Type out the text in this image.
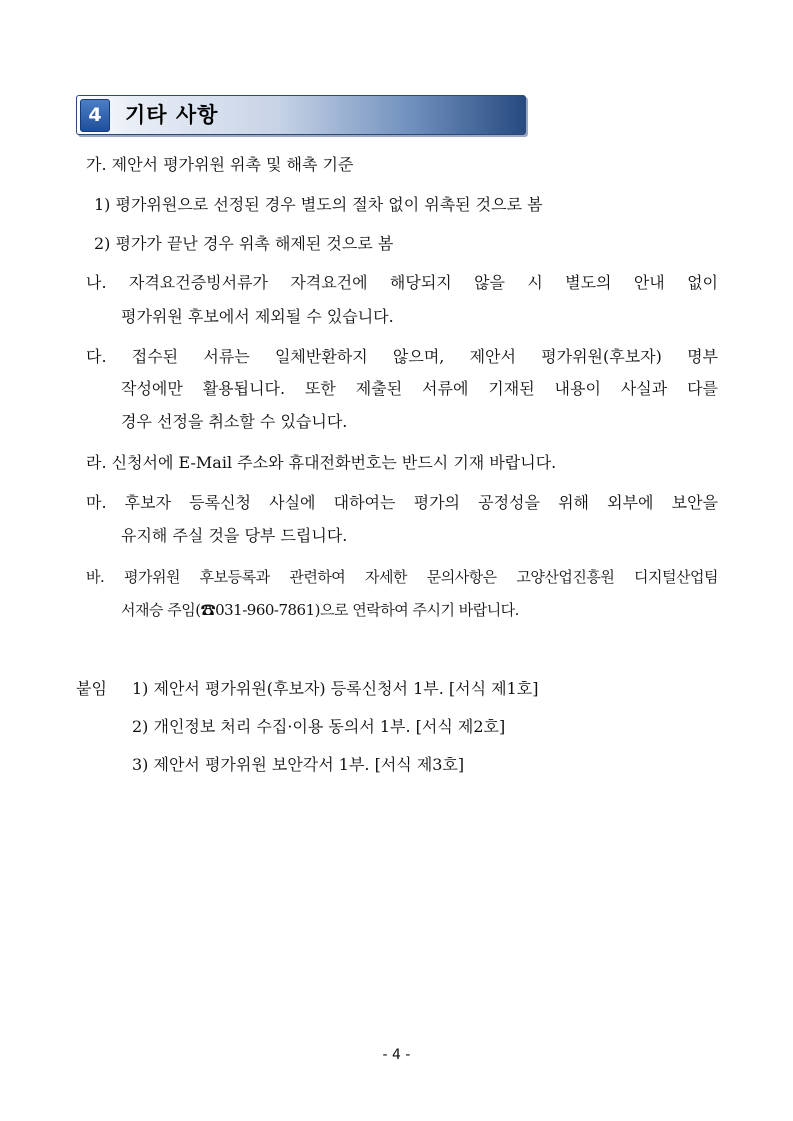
4	기타 사항
가. 제안서 평가위원 위촉 및 해촉 기준
1) 평가위원으로 선정된 경우 별도의 절차 없이 위촉된 것으로 봄
2) 평가가 끝난 경우 위촉 해제된 것으로 봄
나. 자격요건증빙서류가 자격요건에 해당되지 않을 시 별도의 안내 없이
평가위원 후보에서 제외될 수 있습니다.
다. 접수된 서류는 일체반환하지 않으며, 제안서 평가위원(후보자) 명부
작성에만 활용됩니다. 또한 제출된 서류에 기재된 내용이 사실과 다를
경우 선정을 취소할 수 있습니다.
라. 신청서에 E-Mail 주소와 휴대전화번호는 반드시 기재 바랍니다.
마. 후보자 등록신청 사실에 대하여는 평가의 공정성을 위해 외부에 보안을
유지해 주실 것을 당부 드립니다.
바. 평가위원 후보등록과 관련하여 자세한 문의사항은 고양산업진흥원 디지털산업팀
서재승 주임(☎031-960-7861)으로 연락하여 주시기 바랍니다.
붙임 1) 제안서 평가위원(후보자) 등록신청서 1부. [서식 제1호]
2) 개인정보 처리 수집·이용 동의서 1부. [서식 제2호]
3) 제안서 평가위원 보안각서 1부. [서식 제3호]
- 4 -
